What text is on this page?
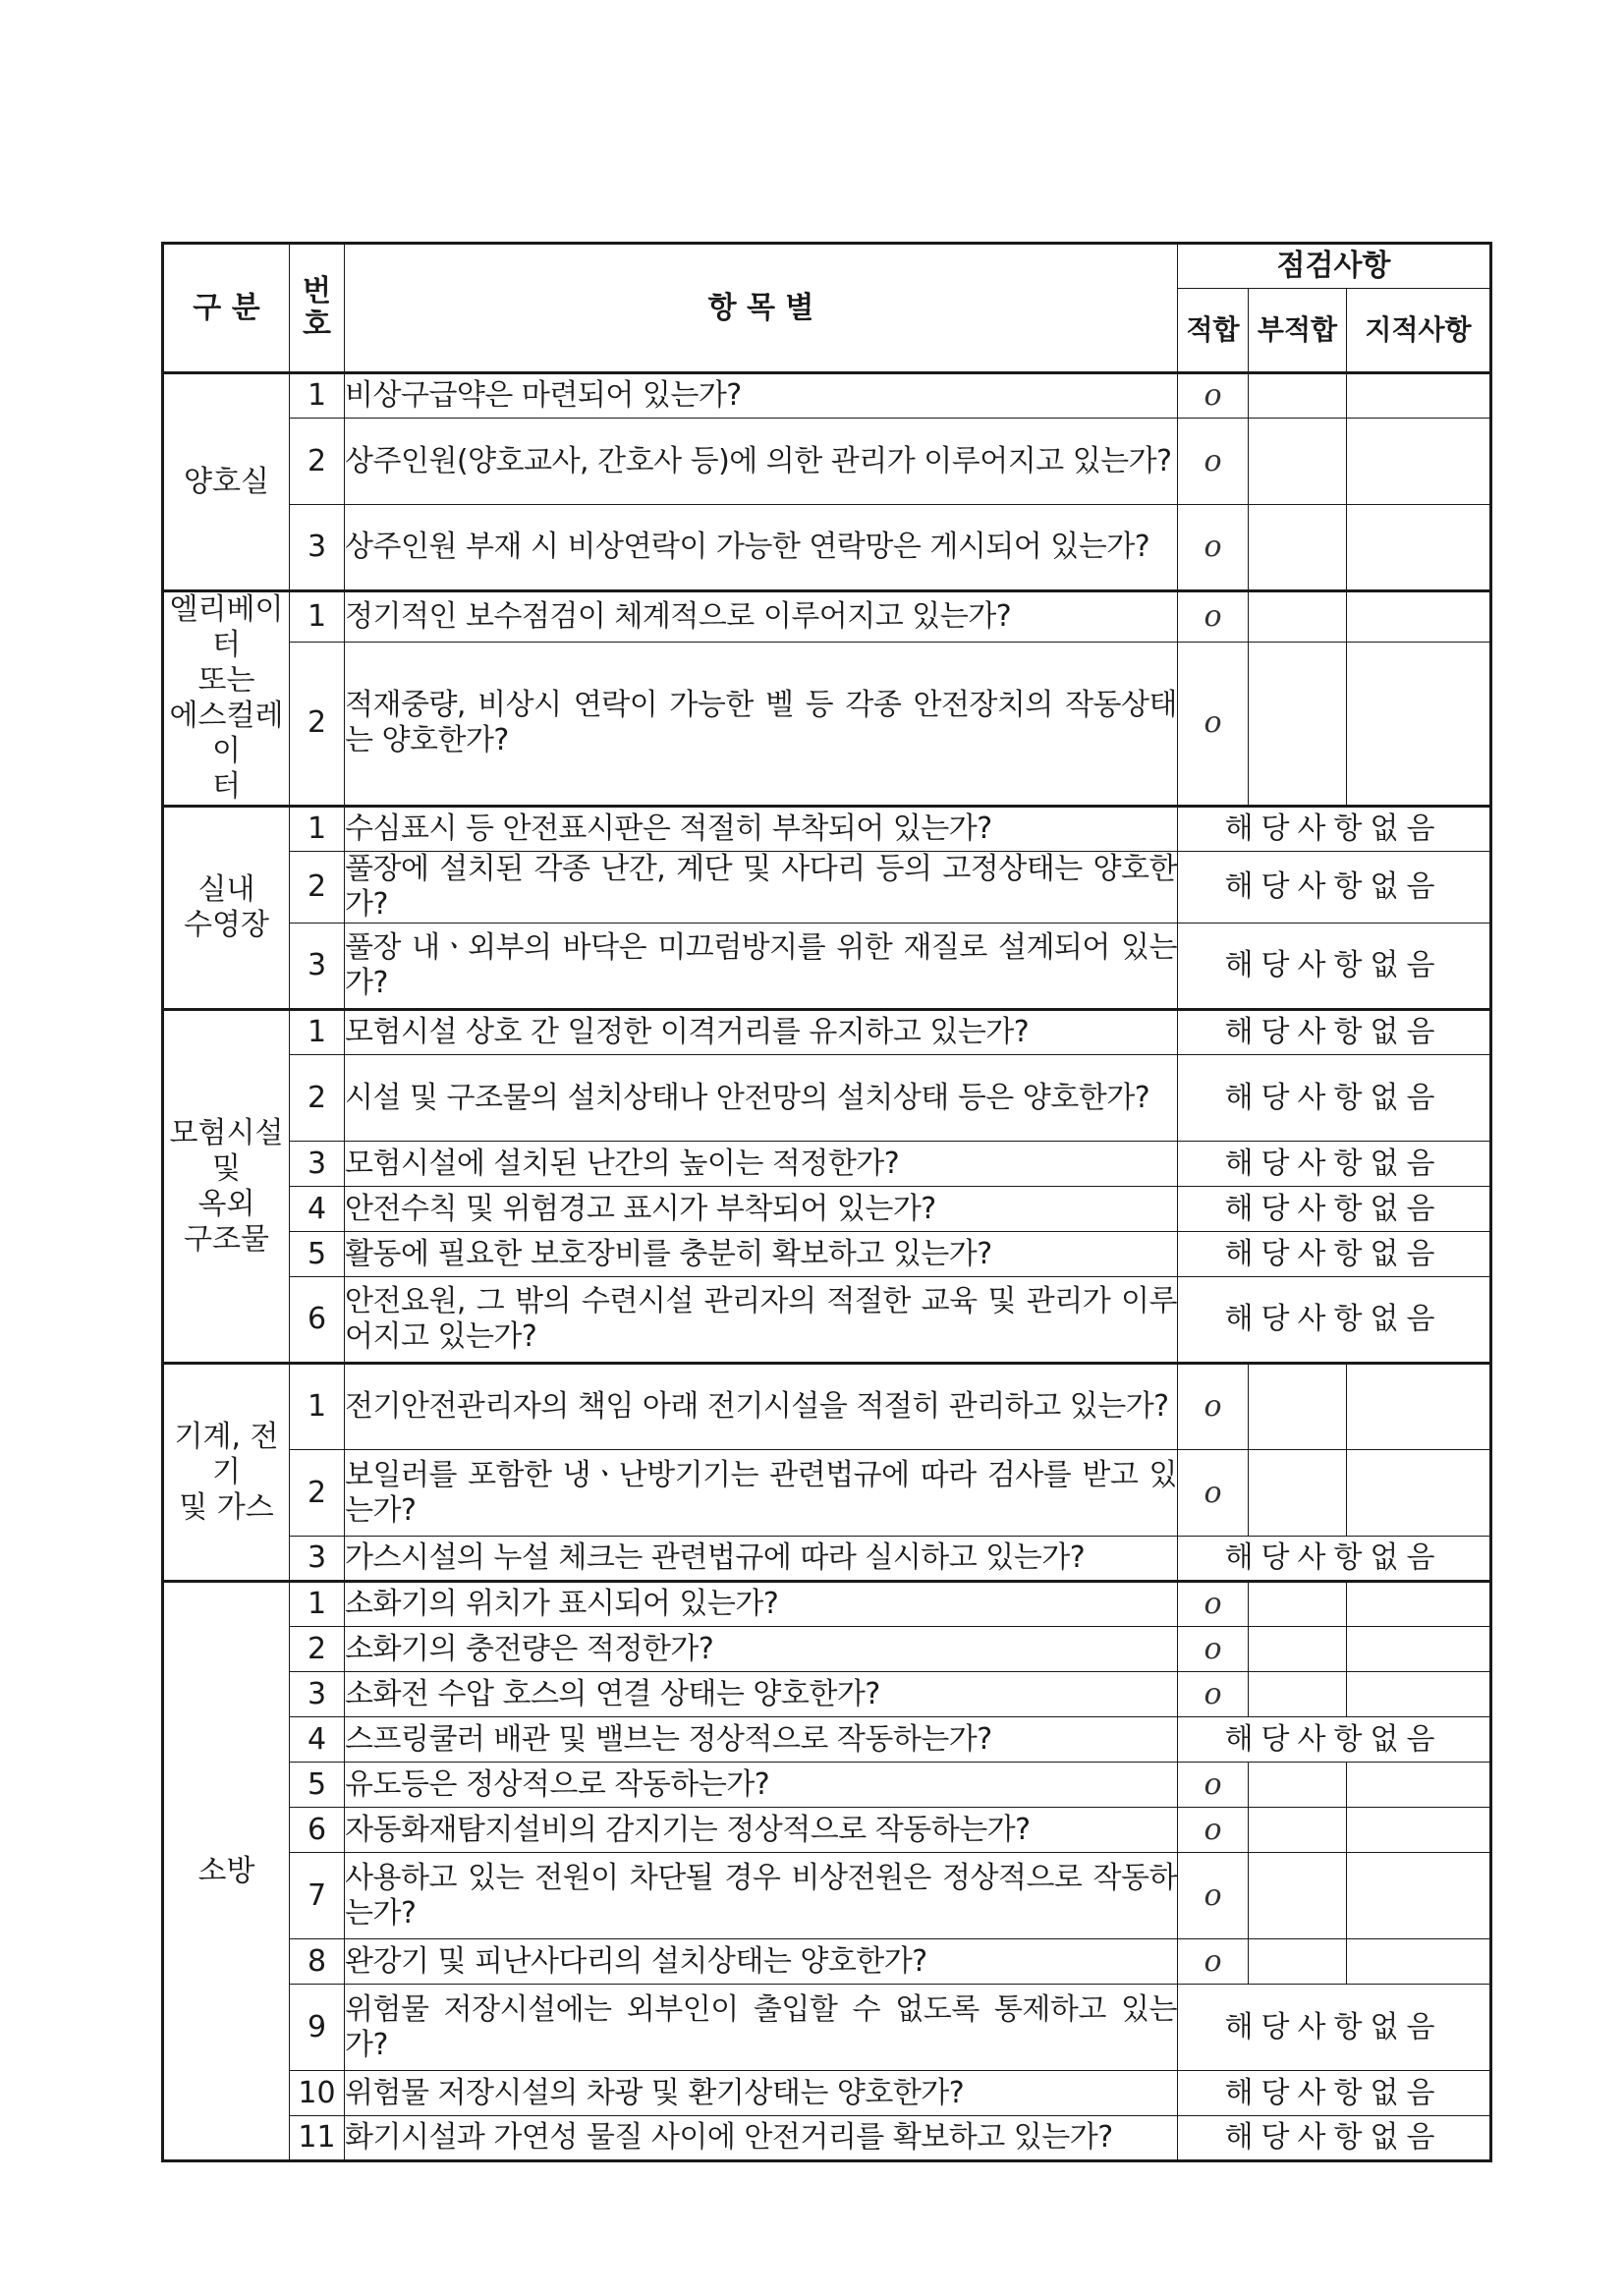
구 분	번호	항 목 별	점검사항		
			적합	부적합	지적사항

양호실	1	비상구급약은 마련되어 있는가?	o		
	2	상주인원(양호교사, 간호사 등)에 의한 관리가 이루어지고 있는가?	o		
	3	상주인원 부재 시 비상연락이 가능한 연락망은 게시되어 있는가?	o		

엘리베이
터
또는
에스컬레이
터	1	정기적인 보수점검이 체계적으로 이루어지고 있는가?	o		
	2	적재중량, 비상시 연락이 가능한 벨 등 각종 안전장치의 작동상태는 양호한가?	o		

실내
수영장	1	수심표시 등 안전표시판은 적절히 부착되어 있는가?	해당사항없음		
	2	풀장에 설치된 각종 난간, 계단 및 사다리 등의 고정상태는 양호한가?	해당사항없음		
	3	풀장 내ㆍ외부의 바닥은 미끄럼방지를 위한 재질로 설계되어 있는가?	해당사항없음		

모험시설
및
옥외
구조물	1	모험시설 상호 간 일정한 이격거리를 유지하고 있는가?	해당사항없음		
	2	시설 및 구조물의 설치상태나 안전망의 설치상태 등은 양호한가?	해당사항없음		
	3	모험시설에 설치된 난간의 높이는 적정한가?	해당사항없음		
	4	안전수칙 및 위험경고 표시가 부착되어 있는가?	해당사항없음		
	5	활동에 필요한 보호장비를 충분히 확보하고 있는가?	해당사항없음		
	6	안전요원, 그 밖의 수련시설 관리자의 적절한 교육 및 관리가 이루어지고 있는가?	해당사항없음		

기계, 전
기
및 가스	1	전기안전관리자의 책임 아래 전기시설을 적절히 관리하고 있는가?	o		
	2	보일러를 포함한 냉ㆍ난방기기는 관련법규에 따라 검사를 받고 있는가?	o		
	3	가스시설의 누설 체크는 관련법규에 따라 실시하고 있는가?	해당사항없음		

소방	1	소화기의 위치가 표시되어 있는가?	o		
	2	소화기의 충전량은 적정한가?	o		
	3	소화전 수압 호스의 연결 상태는 양호한가?	o		
	4	스프링쿨러 배관 및 밸브는 정상적으로 작동하는가?	해당사항없음		
	5	유도등은 정상적으로 작동하는가?	o		
	6	자동화재탐지설비의 감지기는 정상적으로 작동하는가?	o		
	7	사용하고 있는 전원이 차단될 경우 비상전원은 정상적으로 작동하는가?	o		
	8	완강기 및 피난사다리의 설치상태는 양호한가?	o		
	9	위험물 저장시설에는 외부인이 출입할 수 없도록 통제하고 있는가?	해당사항없음		
	10	위험물 저장시설의 차광 및 환기상태는 양호한가?	해당사항없음		
	11	화기시설과 가연성 물질 사이에 안전거리를 확보하고 있는가?	해당사항없음		
